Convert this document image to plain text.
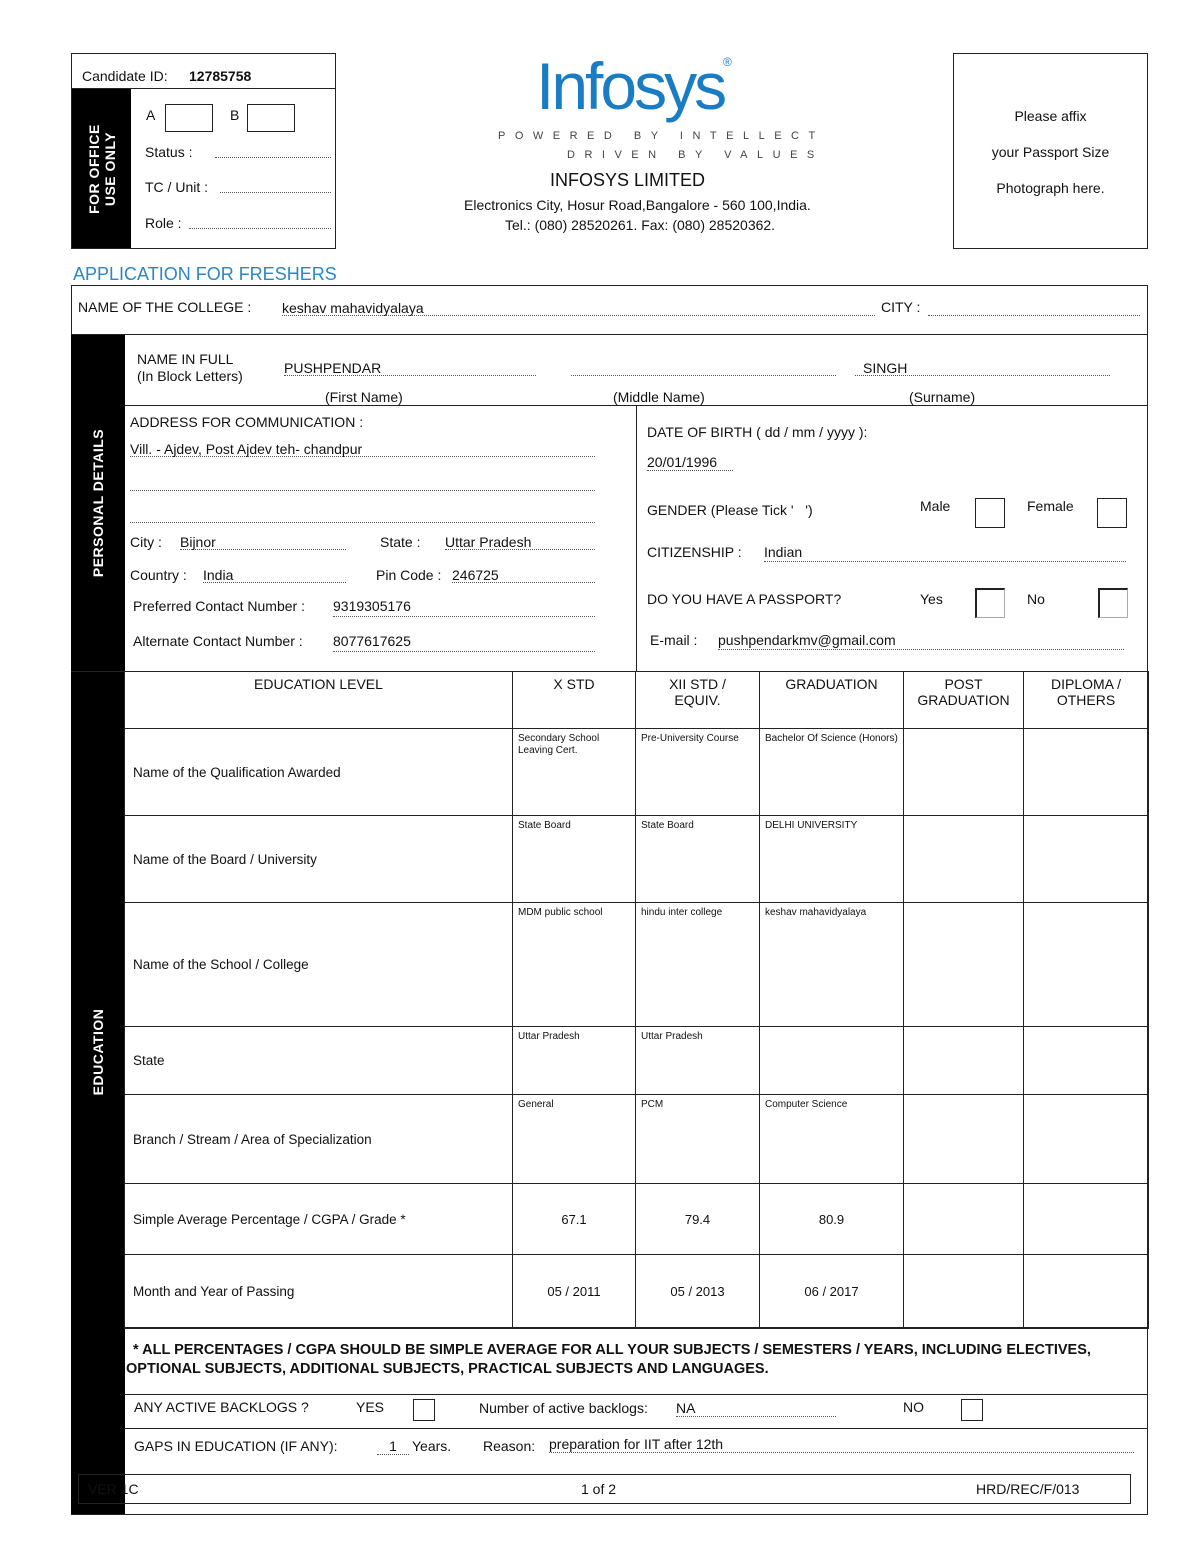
Candidate ID: 12785758
FOR OFFICE USE ONLY
A	B
Status :
TC / Unit :
Role :
Infosys
®
POWERED BY INTELLECT
DRIVEN BY VALUES
INFOSYS LIMITED
Electronics City, Hosur Road,Bangalore - 560 100,India.
Tel.: (080) 28520261. Fax: (080) 28520362.
Please affix
your Passport Size
Photograph here.
APPLICATION FOR FRESHERS
NAME OF THE COLLEGE : keshav mahavidyalaya	CITY :
PERSONAL DETAILS
NAME IN FULL
(In Block Letters)	PUSHPENDAR	SINGH
(First Name)	(Middle Name)	(Surname)
ADDRESS FOR COMMUNICATION :
Vill. - Ajdev, Post Ajdev teh- chandpur
City : Bijnor	State : Uttar Pradesh
Country : India	Pin Code : 246725
Preferred Contact Number : 9319305176
Alternate Contact Number : 8077617625
DATE OF BIRTH ( dd / mm / yyyy ):
20/01/1996
GENDER (Please Tick '   ')	Male	Female
CITIZENSHIP : Indian
DO YOU HAVE A PASSPORT?	Yes	No
E-mail : pushpendarkmv@gmail.com
EDUCATION
EDUCATION LEVEL	X STD	XII STD / EQUIV.	GRADUATION	POST GRADUATION	DIPLOMA / OTHERS
Name of the Qualification Awarded	Secondary School Leaving Cert.	Pre-University Course	Bachelor Of Science (Honors)		

Name of the Board / University	State Board	State Board	DELHI UNIVERSITY		

Name of the School / College	MDM public school	hindu inter college	keshav mahavidyalaya		

State	Uttar Pradesh	Uttar Pradesh			

Branch / Stream / Area of Specialization	General	PCM	Computer Science		

Simple Average Percentage / CGPA / Grade *	67.1	79.4	80.9		
Month and Year of Passing	05 / 2011	05 / 2013	06 / 2017		
* ALL PERCENTAGES / CGPA SHOULD BE SIMPLE AVERAGE FOR ALL YOUR SUBJECTS / SEMESTERS / YEARS, INCLUDING ELECTIVES, OPTIONAL SUBJECTS, ADDITIONAL SUBJECTS, PRACTICAL SUBJECTS AND LANGUAGES.
ANY ACTIVE BACKLOGS ?	YES	Number of active backlogs: NA	NO
GAPS IN EDUCATION (IF ANY):	1	Years. Reason: preparation for IIT after 12th
VER 1C	1 of 2	HRD/REC/F/013
